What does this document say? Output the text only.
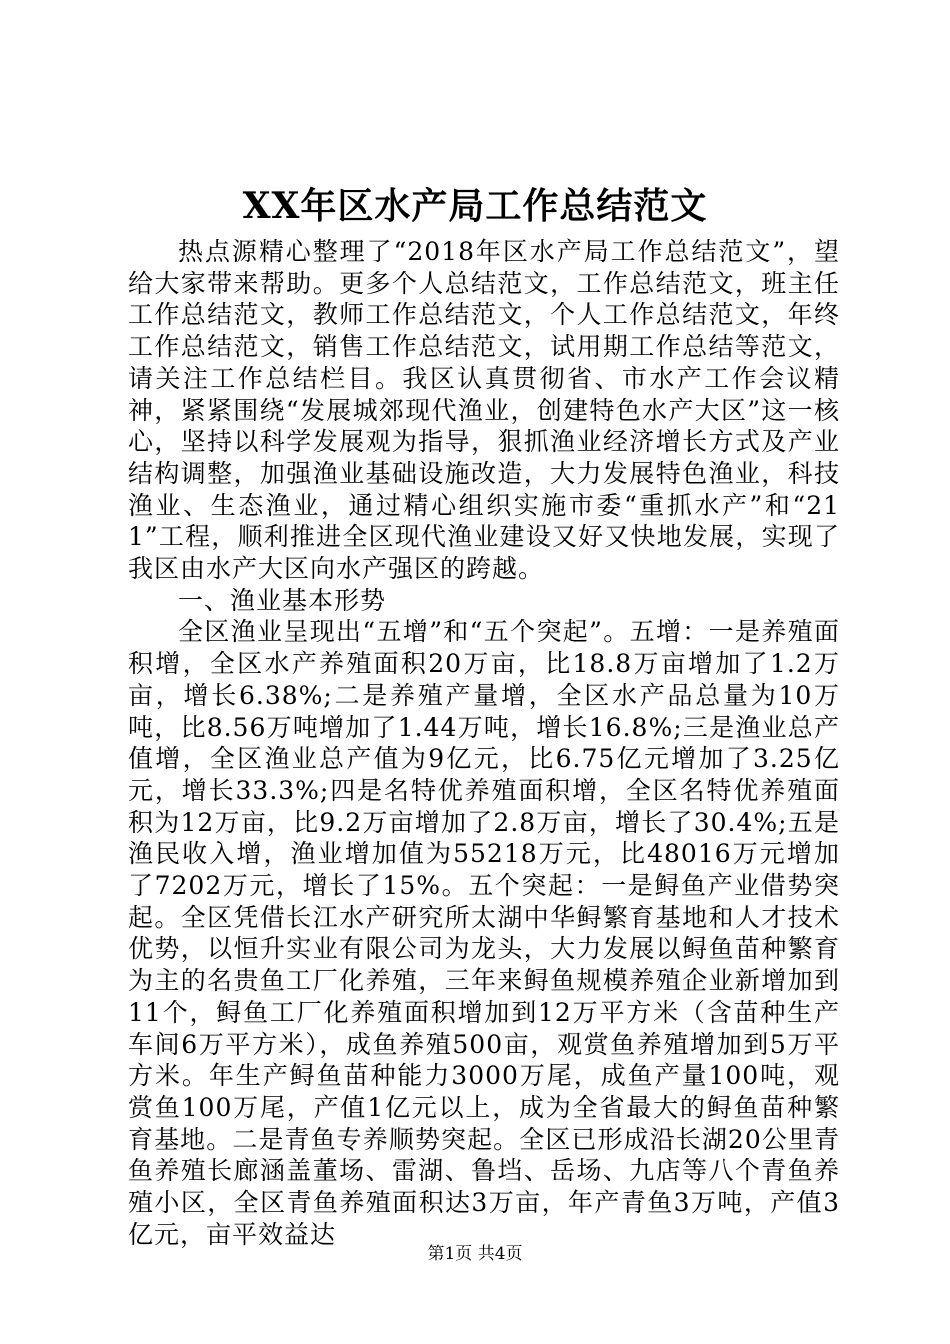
XX年区水产局工作总结范文

热点源精心整理了“2018年区水产局工作总结范文”，望给大家带来帮助。更多个人总结范文，工作总结范文，班主任工作总结范文，教师工作总结范文，个人工作总结范文，年终工作总结范文，销售工作总结范文，试用期工作总结等范文，请关注工作总结栏目。我区认真贯彻省、市水产工作会议精神，紧紧围绕“发展城郊现代渔业，创建特色水产大区”这一核心，坚持以科学发展观为指导，狠抓渔业经济增长方式及产业结构调整，加强渔业基础设施改造，大力发展特色渔业，科技渔业、生态渔业，通过精心组织实施市委“重抓水产”和“211”工程，顺利推进全区现代渔业建设又好又快地发展，实现了我区由水产大区向水产强区的跨越。

一、渔业基本形势

全区渔业呈现出“五增”和“五个突起”。五增：一是养殖面积增，全区水产养殖面积20万亩，比18.8万亩增加了1.2万亩，增长6.38%;二是养殖产量增，全区水产品总量为10万吨，比8.56万吨增加了1.44万吨，增长16.8%;三是渔业总产值增，全区渔业总产值为9亿元，比6.75亿元增加了3.25亿元，增长33.3%;四是名特优养殖面积增，全区名特优养殖面积为12万亩，比9.2万亩增加了2.8万亩，增长了30.4%;五是渔民收入增，渔业增加值为55218万元，比48016万元增加了7202万元，增长了15%。五个突起：一是鲟鱼产业借势突起。全区凭借长江水产研究所太湖中华鲟繁育基地和人才技术优势，以恒升实业有限公司为龙头，大力发展以鲟鱼苗种繁育为主的名贵鱼工厂化养殖，三年来鲟鱼规模养殖企业新增加到11个，鲟鱼工厂化养殖面积增加到12万平方米（含苗种生产车间6万平方米），成鱼养殖500亩，观赏鱼养殖增加到5万平方米。年生产鲟鱼苗种能力3000万尾，成鱼产量100吨，观赏鱼100万尾，产值1亿元以上，成为全省最大的鲟鱼苗种繁育基地。二是青鱼专养顺势突起。全区已形成沿长湖20公里青鱼养殖长廊涵盖董场、雷湖、鲁垱、岳场、九店等八个青鱼养殖小区，全区青鱼养殖面积达3万亩，年产青鱼3万吨，产值3亿元，亩平效益达

第1页 共4页
